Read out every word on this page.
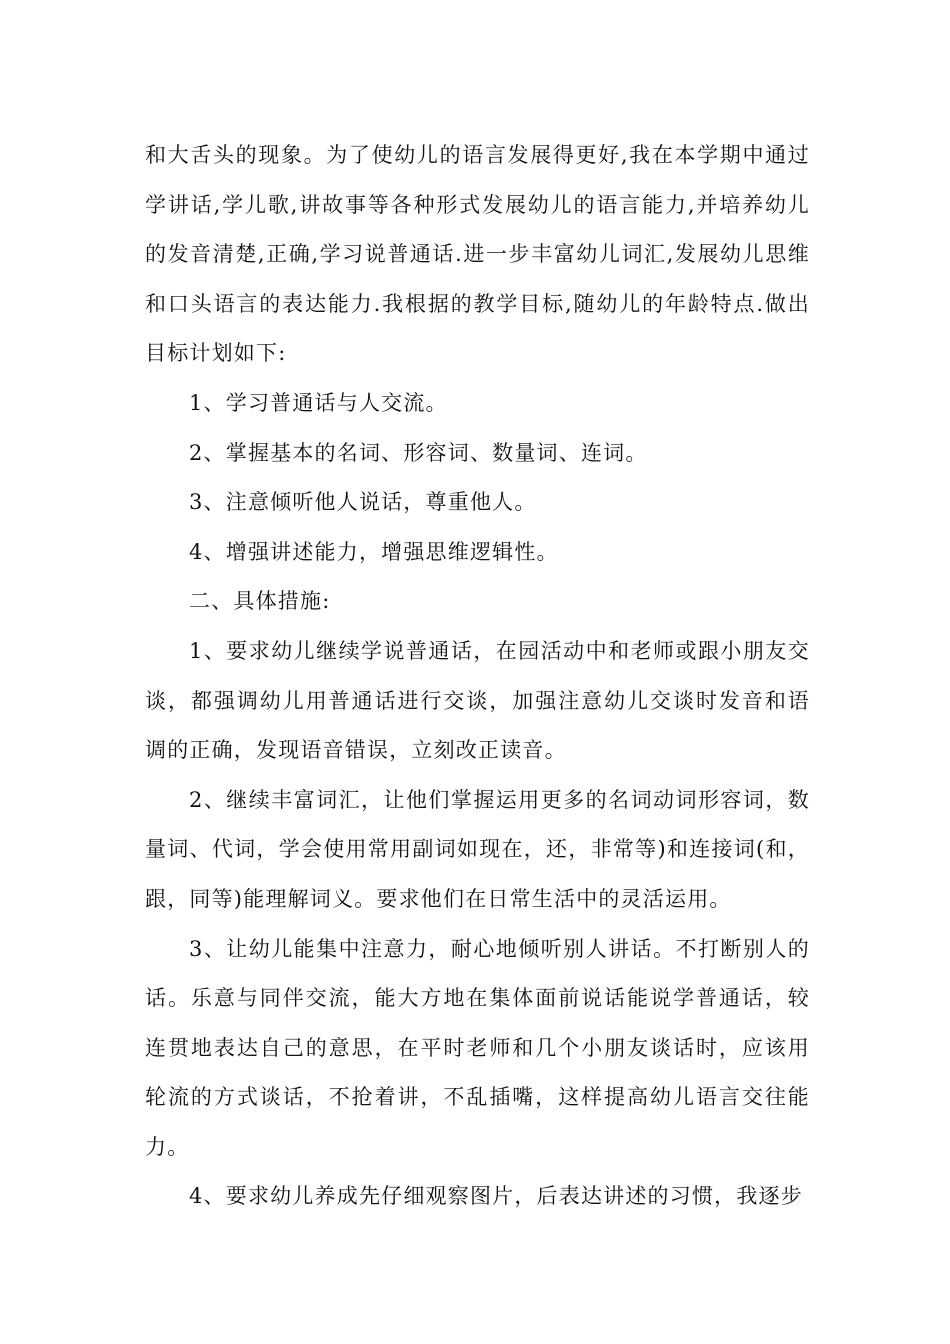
和大舌头的现象。为了使幼儿的语言发展得更好,我在本学期中通过学讲话,学儿歌,讲故事等各种形式发展幼儿的语言能力,并培养幼儿的发音清楚,正确,学习说普通话.进一步丰富幼儿词汇,发展幼儿思维和口头语言的表达能力.我根据的教学目标,随幼儿的年龄特点.做出目标计划如下:

1、学习普通话与人交流。

2、掌握基本的名词、形容词、数量词、连词。

3、注意倾听他人说话，尊重他人。

4、增强讲述能力，增强思维逻辑性。

二、具体措施:

1、要求幼儿继续学说普通话，在园活动中和老师或跟小朋友交谈，都强调幼儿用普通话进行交谈，加强注意幼儿交谈时发音和语调的正确，发现语音错误，立刻改正读音。

2、继续丰富词汇，让他们掌握运用更多的名词动词形容词，数量词、代词，学会使用常用副词如现在，还，非常等)和连接词(和，跟，同等)能理解词义。要求他们在日常生活中的灵活运用。

3、让幼儿能集中注意力，耐心地倾听别人讲话。不打断别人的话。乐意与同伴交流，能大方地在集体面前说话能说学普通话，较连贯地表达自己的意思，在平时老师和几个小朋友谈话时，应该用轮流的方式谈话，不抢着讲，不乱插嘴，这样提高幼儿语言交往能力。

4、要求幼儿养成先仔细观察图片，后表达讲述的习惯，我逐步
